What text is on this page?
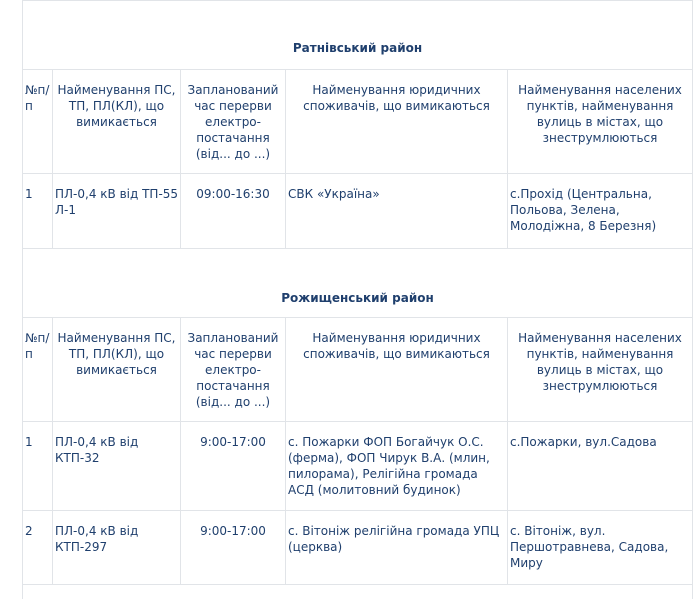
Ратнівський район				

№п/п	Найменування ПС, ТП, ПЛ(КЛ), що вимикається	Запланований час перерви електро-постачання (від... до ...)	Найменування юридичних споживачів, що вимикаються	Найменування населених пунктів, найменування вулиць в містах, що знеструмлюються

1	ПЛ-0,4 кВ від ТП-55 Л-1	09:00-16:30	СВК «Україна»	с.Прохід (Центральна, Польова, Зелена, Молодіжна, 8 Березня)

Рожищенський район				

№п/п	Найменування ПС, ТП, ПЛ(КЛ), що вимикається	Запланований час перерви електро-постачання (від... до ...)	Найменування юридичних споживачів, що вимикаються	Найменування населених пунктів, найменування вулиць в містах, що знеструмлюються

1	ПЛ-0,4 кВ від КТП-32	9:00-17:00	с. Пожарки ФОП Богайчук О.С. (ферма), ФОП Чирук В.А. (млин, пилорама), Релігійна громада АСД (молитовний будинок)	с.Пожарки, вул.Садова
2	ПЛ-0,4 кВ від КТП-297	9:00-17:00	с. Вітоніж релігійна громада УПЦ (церква)	с. Вітоніж, вул. Першотравнева, Садова, Миру
